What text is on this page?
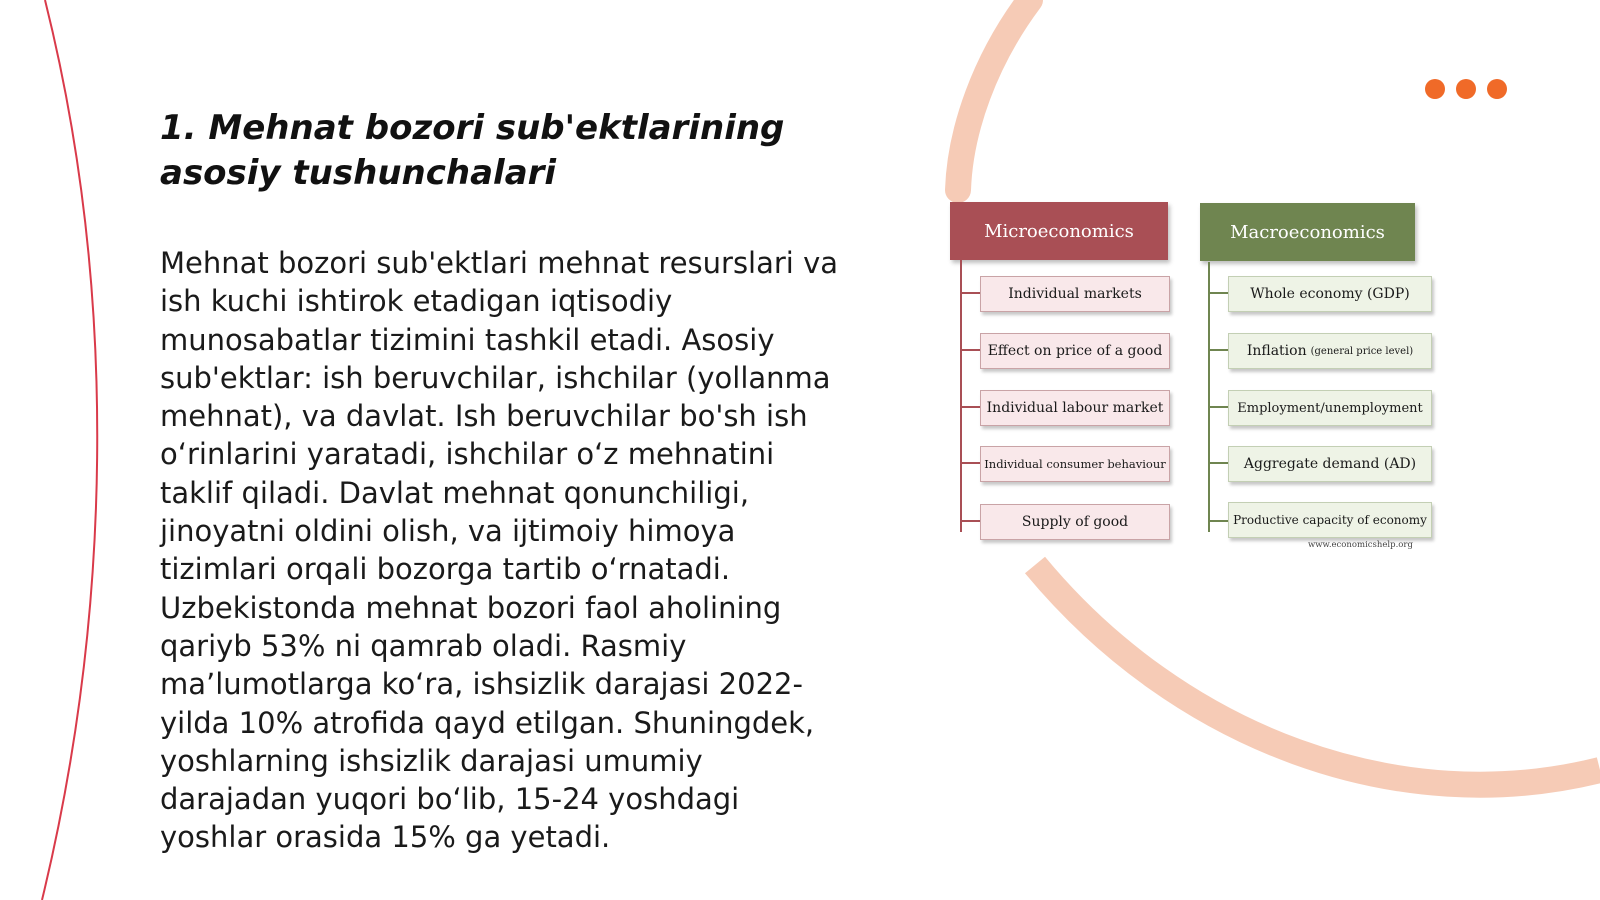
1. Mehnat bozori sub'ektlarining asosiy tushunchalari

Mehnat bozori sub'ektlari mehnat resurslari va ish kuchi ishtirok etadigan iqtisodiy munosabatlar tizimini tashkil etadi. Asosiy sub'ektlar: ish beruvchilar, ishchilar (yollanma mehnat), va davlat. Ish beruvchilar bo'sh ish o‘rinlarini yaratadi, ishchilar o‘z mehnatini taklif qiladi. Davlat mehnat qonunchiligi, jinoyatni oldini olish, va ijtimoiy himoya tizimlari orqali bozorga tartib o‘rnatadi. Uzbekistonda mehnat bozori faol aholining qariyb 53% ni qamrab oladi. Rasmiy ma’lumotlarga ko‘ra, ishsizlik darajasi 2022-yilda 10% atrofida qayd etilgan. Shuningdek, yoshlarning ishsizlik darajasi umumiy darajadan yuqori bo‘lib, 15-24 yoshdagi yoshlar orasida 15% ga yetadi.

Microeconomics	Macroeconomics
Individual markets
Effect on price of a good
Individual labour market
Individual consumer behaviour
Supply of good
Whole economy (GDP)
Inflation (general price level)
Employment/unemployment
Aggregate demand (AD)
Productive capacity of economy
www.economicshelp.org
